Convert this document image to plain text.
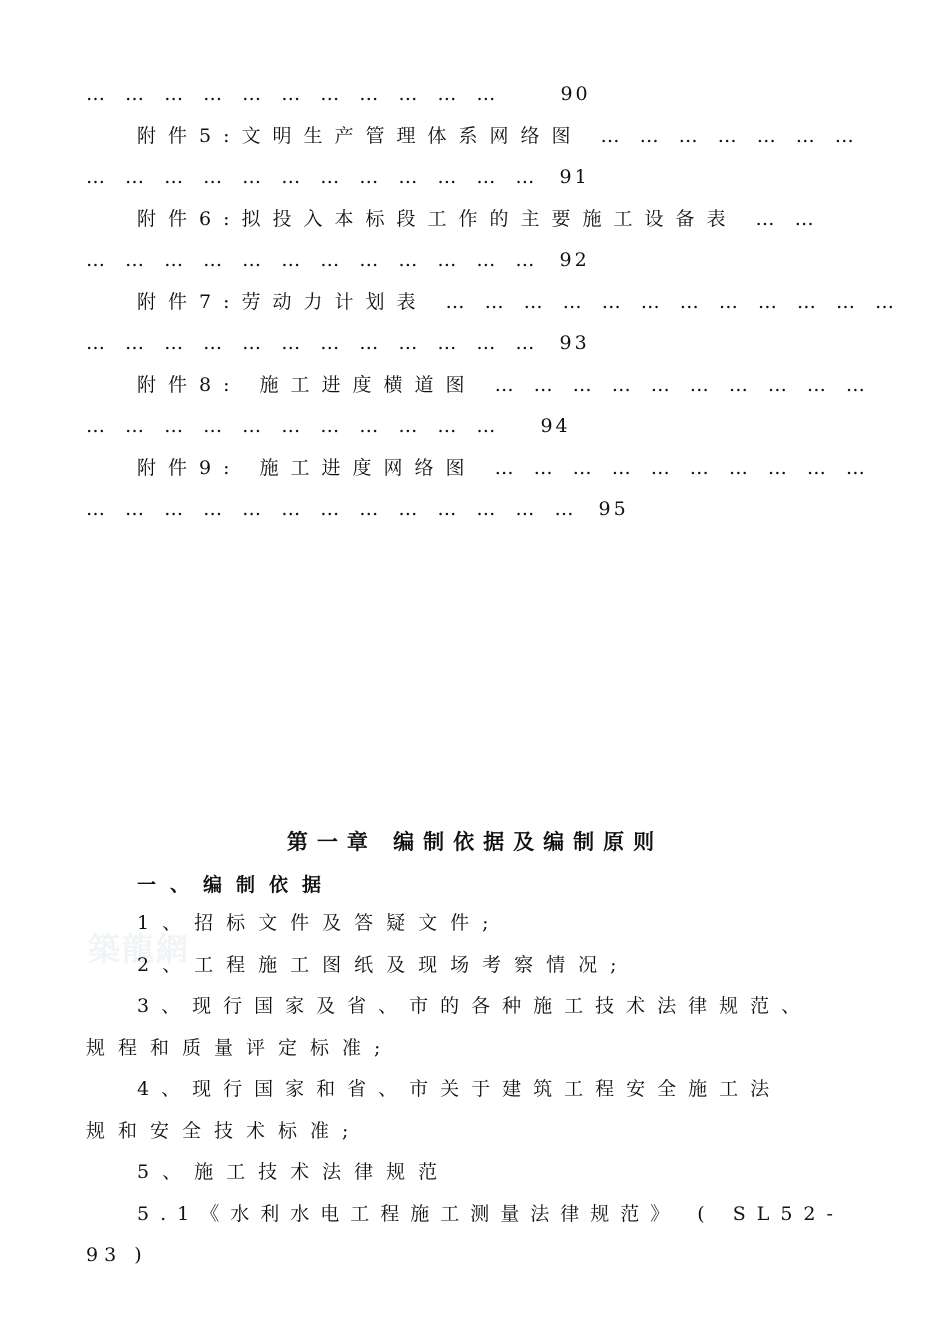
… … … … … … … … … … …	90
附件5:文明生产管理体系网络图 … … … … … … …
… … … … … … … … … … … … 91
附件6:拟投入本标段工作的主要施工设备表 … …
… … … … … … … … … … … … 92
附件7:劳动力计划表 … … … … … … … … … … … …
… … … … … … … … … … … … 93
附件8: 施工进度横道图 … … … … … … … … … …
… … … … … … … … … … … 94
附件9: 施工进度网络图 … … … … … … … … … …
… … … … … … … … … … … … … 95
築龍網
第一章 编制依据及编制原则
一、编制依据
1、招标文件及答疑文件;
2、工程施工图纸及现场考察情况;
3、现行国家及省、市的各种施工技术法律规范、
规程和质量评定标准;
4、现行国家和省、市关于建筑工程安全施工法
规和安全技术标准;
5、施工技术法律规范
5.1《水利水电工程施工测量法律规范》 ( SL52-
93 )
